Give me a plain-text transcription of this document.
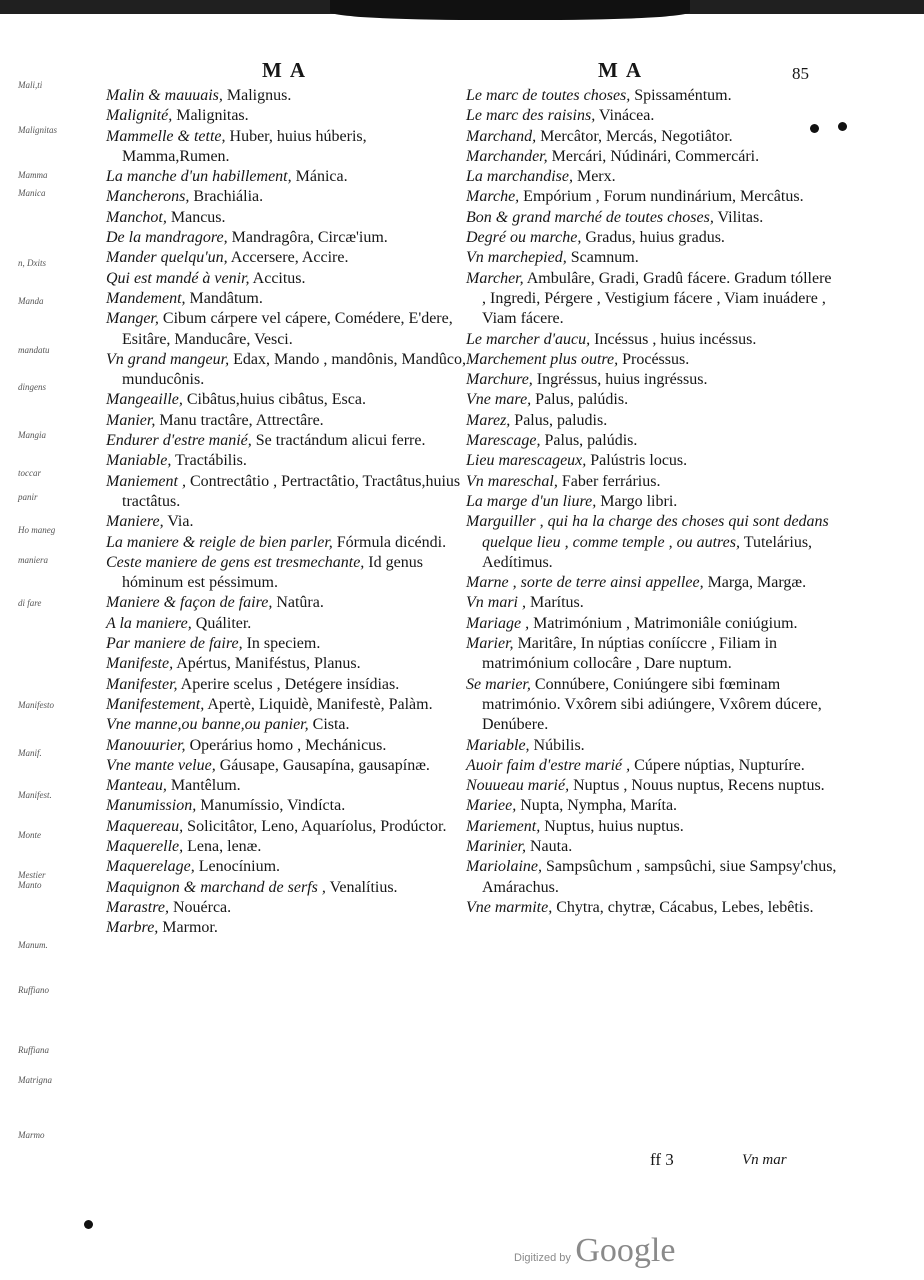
MA	MA	85
Malin & mauuais, Malignus.
Malignité, Malignitas.
Mammelle & tette, Huber, huius húberis, Mamma,Rumen.
La manche d'un habillement, Mánica.
Mancherons, Brachiália.
Manchot, Mancus.
De la mandragore, Mandragôra, Circæ'ium.
Mander quelqu'un, Accersere, Accire.
Qui est mandé à venir, Accitus.
Mandement, Mandâtum.
Manger, Cibum cárpere vel cápere, Comédere, E'dere, Esitâre, Manducâre, Vesci.
Vn grand mangeur, Edax, Mando , mandônis, Mandûco, munducônis.
Mangeaille, Cibâtus,huius cibâtus, Esca.
Manier, Manu tractâre, Attrectâre.
Endurer d'estre manié, Se tractándum alicui ferre.
Maniable, Tractábilis.
Maniement , Contrectâtio , Pertractâtio, Tractâtus,huius tractâtus.
Maniere, Via.
La maniere & reigle de bien parler, Fórmula dicéndi.
Ceste maniere de gens est tresmechante, Id genus hóminum est péssimum.
Maniere & façon de faire, Natûra.
A la maniere, Quáliter.
Par maniere de faire, In speciem.
Manifeste, Apértus, Maniféstus, Planus.
Manifester, Aperire scelus , Detégere insídias.
Manifestement, Apertè, Liquidè, Manifestè, Palàm.
Vne manne,ou banne,ou panier, Cista.
Manouurier, Operárius homo , Mechánicus.
Vne mante velue, Gáusape, Gausapína, gausapínæ.
Manteau, Mantêlum.
Manumission, Manumíssio, Vindícta.
Maquereau, Solicitâtor, Leno, Aquaríolus, Prodúctor.
Maquerelle, Lena, lenæ.
Maquerelage, Lenocínium.
Maquignon & marchand de serfs , Venalítius.
Marastre, Nouérca.
Marbre, Marmor.
Le marc de toutes choses, Spissaméntum.
Le marc des raisins, Vinácea.
Marchand, Mercâtor, Mercás, Negotiâtor.
Marchander, Mercári, Núdinári, Commercári.
La marchandise, Merx.
Marche, Empórium , Forum nundinárium, Mercâtus.
Bon & grand marché de toutes choses, Vilitas.
Degré ou marche, Gradus, huius gradus.
Vn marchepied, Scamnum.
Marcher, Ambulâre, Gradi, Gradû fácere. Gradum tóllere , Ingredi, Pérgere , Vestigium fácere , Viam inuádere , Viam fácere.
Le marcher d'aucu, Incéssus , huius incéssus.
Marchement plus outre, Procéssus.
Marchure, Ingréssus, huius ingréssus.
Vne mare, Palus, palúdis.
Marez, Palus, paludis.
Marescage, Palus, palúdis.
Lieu marescageux, Palústris locus.
Vn mareschal, Faber ferrárius.
La marge d'un liure, Margo libri.
Marguiller , qui ha la charge des choses qui sont dedans quelque lieu , comme temple , ou autres, Tutelárius, Aedítimus.
Marne , sorte de terre ainsi appellee, Marga, Margæ.
Vn mari , Marítus.
Mariage , Matrimónium , Matrimoniâle coniúgium.
Marier, Maritâre, In núptias conííccre , Filiam in matrimónium collocâre , Dare nuptum.
Se marier, Connúbere, Coniúngere sibi fœminam matrimónio. Vxôrem sibi adiúngere, Vxôrem dúcere, Denúbere.
Mariable, Núbilis.
Auoir faim d'estre marié , Cúpere núptias, Nupturíre.
Nouueau marié, Nuptus , Nouus nuptus, Recens nuptus.
Mariee, Nupta, Nympha, Maríta.
Mariement, Nuptus, huius nuptus.
Marinier, Nauta.
Mariolaine, Sampsûchum , sampsûchi, siue Sampsy'chus, Amárachus.
Vne marmite, Chytra, chytræ, Cácabus, Lebes, lebêtis.
Mali,ti
Malignitas
Mamma
Manica
n, Dxits
Manda
mandatu
dingens
Mangia
toccar
panir
Ho maneg
maniera
di fare
Manifesto
Manif.
Manifest.
Monte
Mestier
Manto
Manum.
Ruffiano
Ruffiana
Matrigna
Marmo
ff 3	Vn mar
Digitized by Google
